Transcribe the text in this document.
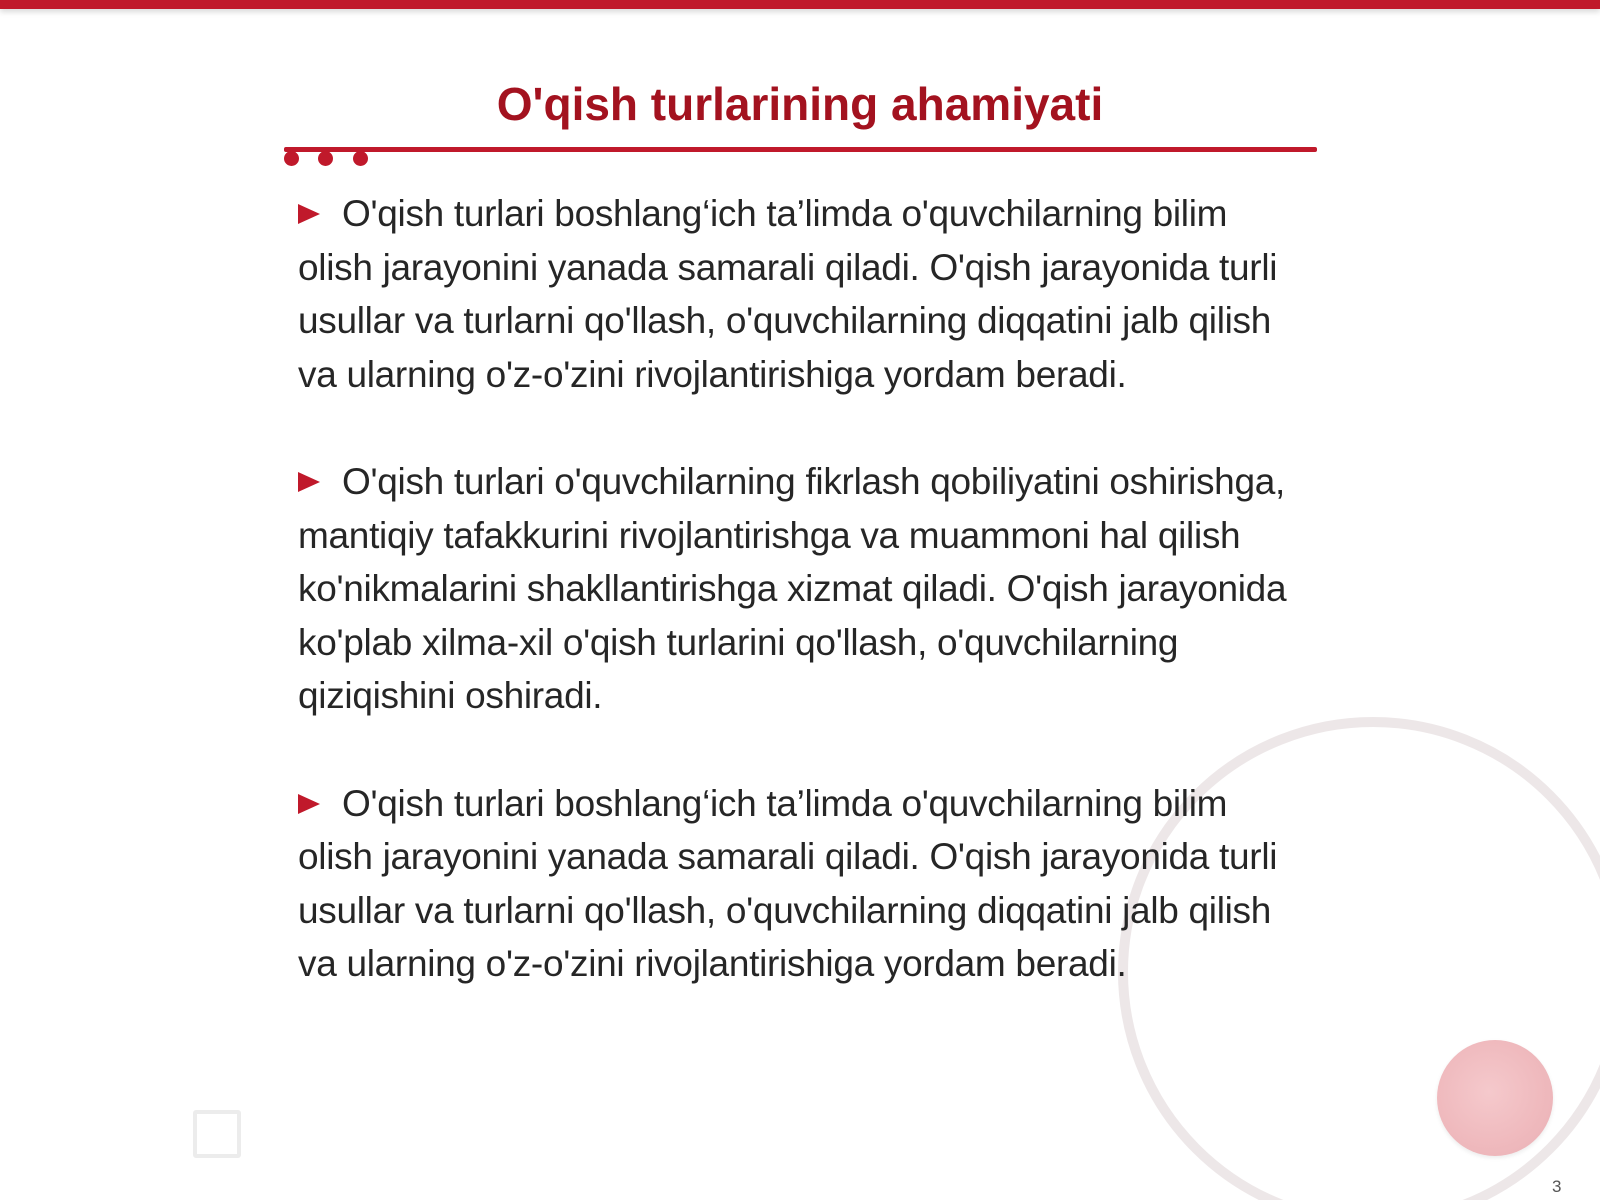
O'qish turlarining ahamiyati

O'qish turlari boshlang‘ich ta’limda o'quvchilarning bilim olish jarayonini yanada samarali qiladi. O'qish jarayonida turli usullar va turlarni qo'llash, o'quvchilarning diqqatini jalb qilish va ularning o'z-o'zini rivojlantirishiga yordam beradi.

O'qish turlari o'quvchilarning fikrlash qobiliyatini oshirishga, mantiqiy tafakkurini rivojlantirishga va muammoni hal qilish ko'nikmalarini shakllantirishga xizmat qiladi. O'qish jarayonida ko'plab xilma-xil o'qish turlarini qo'llash, o'quvchilarning qiziqishini oshiradi.

O'qish turlari boshlang‘ich ta’limda o'quvchilarning bilim olish jarayonini yanada samarali qiladi. O'qish jarayonida turli usullar va turlarni qo'llash, o'quvchilarning diqqatini jalb qilish va ularning o'z-o'zini rivojlantirishiga yordam beradi.

3
